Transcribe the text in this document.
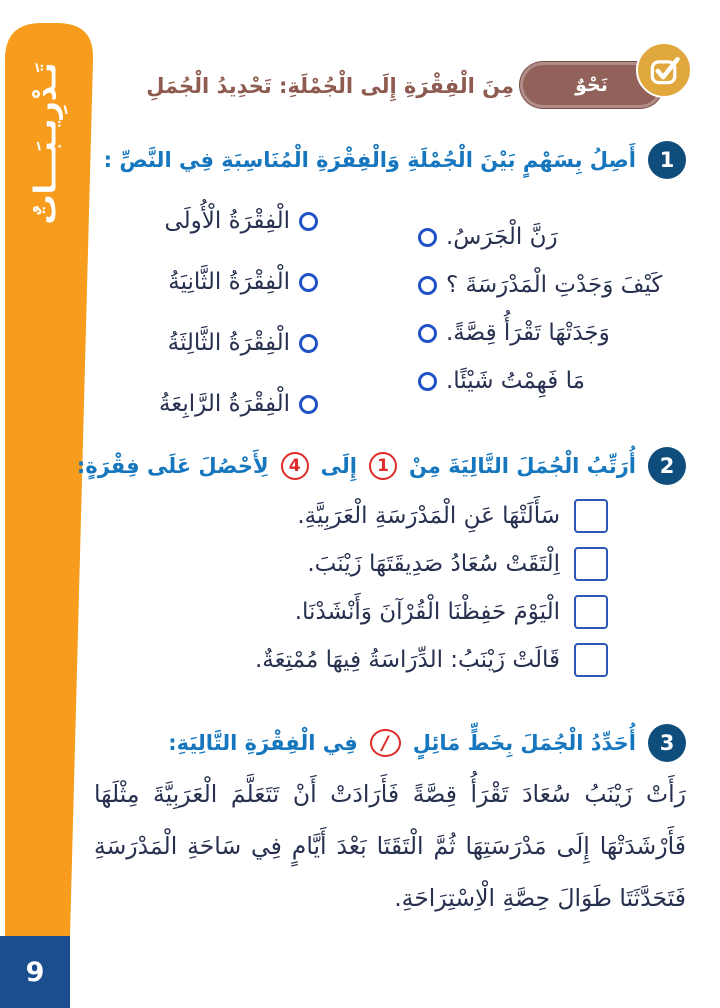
تَـدْرِيـبَـــاتٌ
9
نَحْوٌ
مِنَ الْفِقْرَةِ إِلَى الْجُمْلَةِ: تَحْدِيدُ الْجُمَلِ
1
أَصِلُ بِسَهْمٍ بَيْنَ الْجُمْلَةِ وَالْفِقْرَةِ الْمُنَاسِبَةِ فِي النَّصِّ :
الْفِقْرَةُ الْأُولَى
الْفِقْرَةُ الثَّانِيَةُ
الْفِقْرَةُ الثَّالِثَةُ
الْفِقْرَةُ الرَّابِعَةُ
رَنَّ الْجَرَسُ.
كَيْفَ وَجَدْتِ الْمَدْرَسَةَ ؟
وَجَدَتْهَا تَقْرَأُ قِصَّةً.
مَا فَهِمْتُ شَيْئًا.
2
أُرَتِّبُ الْجُمَلَ التَّالِيَةَ مِنْ
1
إِلَى
4
لِأَحْصُلَ عَلَى فِقْرَةٍ:
سَأَلَتْهَا عَنِ الْمَدْرَسَةِ الْعَرَبِيَّةِ.
اِلْتَقَتْ سُعَادُ صَدِيقَتَهَا زَيْنَبَ.
الْيَوْمَ حَفِظْنَا الْقُرْآنَ وَأَنْشَدْنَا.
قَالَتْ زَيْنَبُ: الدِّرَاسَةُ فِيهَا مُمْتِعَةٌ.
3
أُحَدِّدُ الْجُمَلَ بِخَطٍّ مَائِلٍ
/
فِي الْفِقْرَةِ التَّالِيَةِ:

رَأَتْ زَيْنَبُ سُعَادَ تَقْرَأُ قِصَّةً فَأَرَادَتْ أَنْ تَتَعَلَّمَ الْعَرَبِيَّةَ مِثْلَهَا فَأَرْشَدَتْهَا إِلَى مَدْرَسَتِهَا ثُمَّ الْتَقَتَا بَعْدَ أَيَّامٍ فِي سَاحَةِ الْمَدْرَسَةِ فَتَحَدَّثَتَا طَوَالَ حِصَّةِ الْاِسْتِرَاحَةِ.
